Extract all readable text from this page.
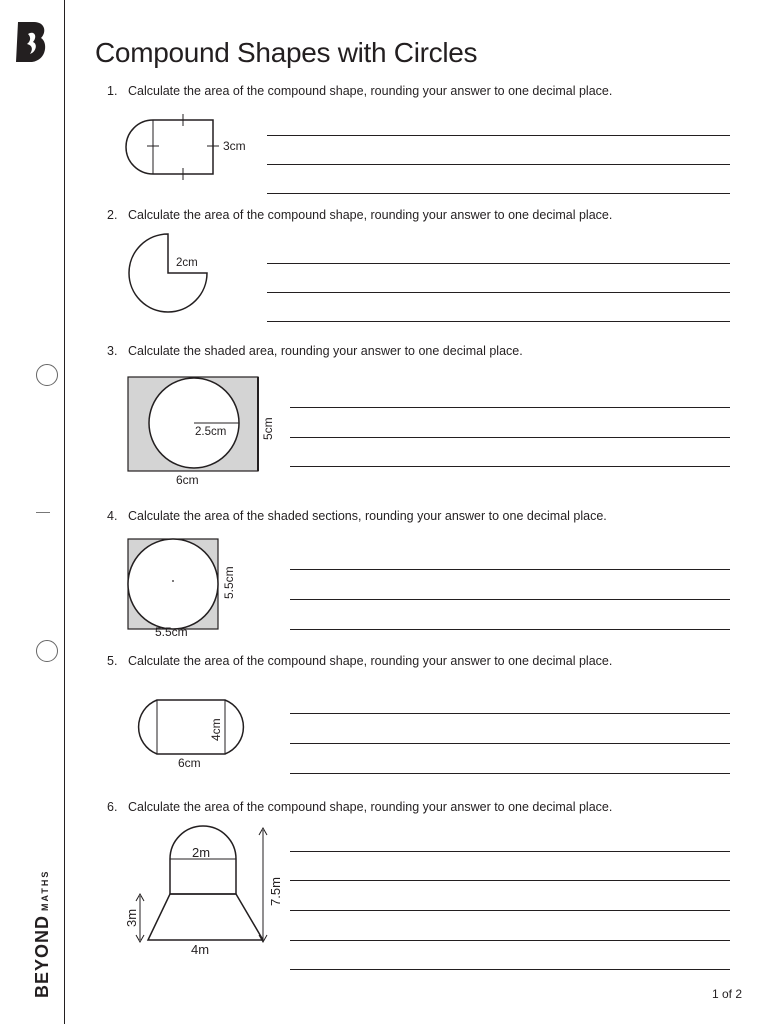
BEYOND
MATHS
Compound Shapes with Circles
1. Calculate the area of the compound shape, rounding your answer to one decimal place.
3cm
2. Calculate the area of the compound shape, rounding your answer to one decimal place.
2cm
3. Calculate the shaded area, rounding your answer to one decimal place.
2.5cm	5cm
6cm
4. Calculate the area of the shaded sections, rounding your answer to one decimal place.
5.5cm
5.5cm
5. Calculate the area of the compound shape, rounding your answer to one decimal place.
4cm
6cm
6. Calculate the area of the compound shape, rounding your answer to one decimal place.
2m
7.5m
3m
4m
1 of 2
